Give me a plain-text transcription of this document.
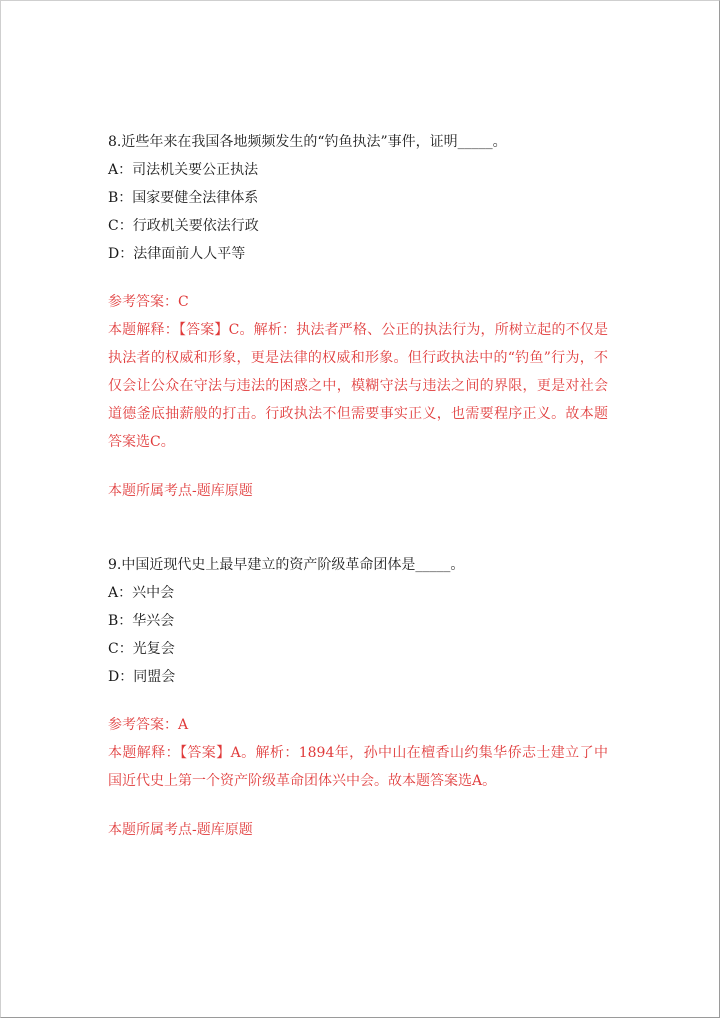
8.近些年来在我国各地频频发生的“钓鱼执法”事件，证明_____。
A：司法机关要公正执法
B：国家要健全法律体系
C：行政机关要依法行政
D：法律面前人人平等
参考答案：C
本题解释：【答案】C。解析：执法者严格、公正的执法行为，所树立起的不仅是执法者的权威和形象，更是法律的权威和形象。但行政执法中的“钓鱼”行为，不仅会让公众在守法与违法的困惑之中，模糊守法与违法之间的界限，更是对社会道德釜底抽薪般的打击。行政执法不但需要事实正义，也需要程序正义。故本题答案选C。
本题所属考点-题库原题
9.中国近现代史上最早建立的资产阶级革命团体是_____。
A：兴中会
B：华兴会
C：光复会
D：同盟会
参考答案：A
本题解释：【答案】A。解析：1894年，孙中山在檀香山约集华侨志士建立了中国近代史上第一个资产阶级革命团体兴中会。故本题答案选A。
本题所属考点-题库原题
